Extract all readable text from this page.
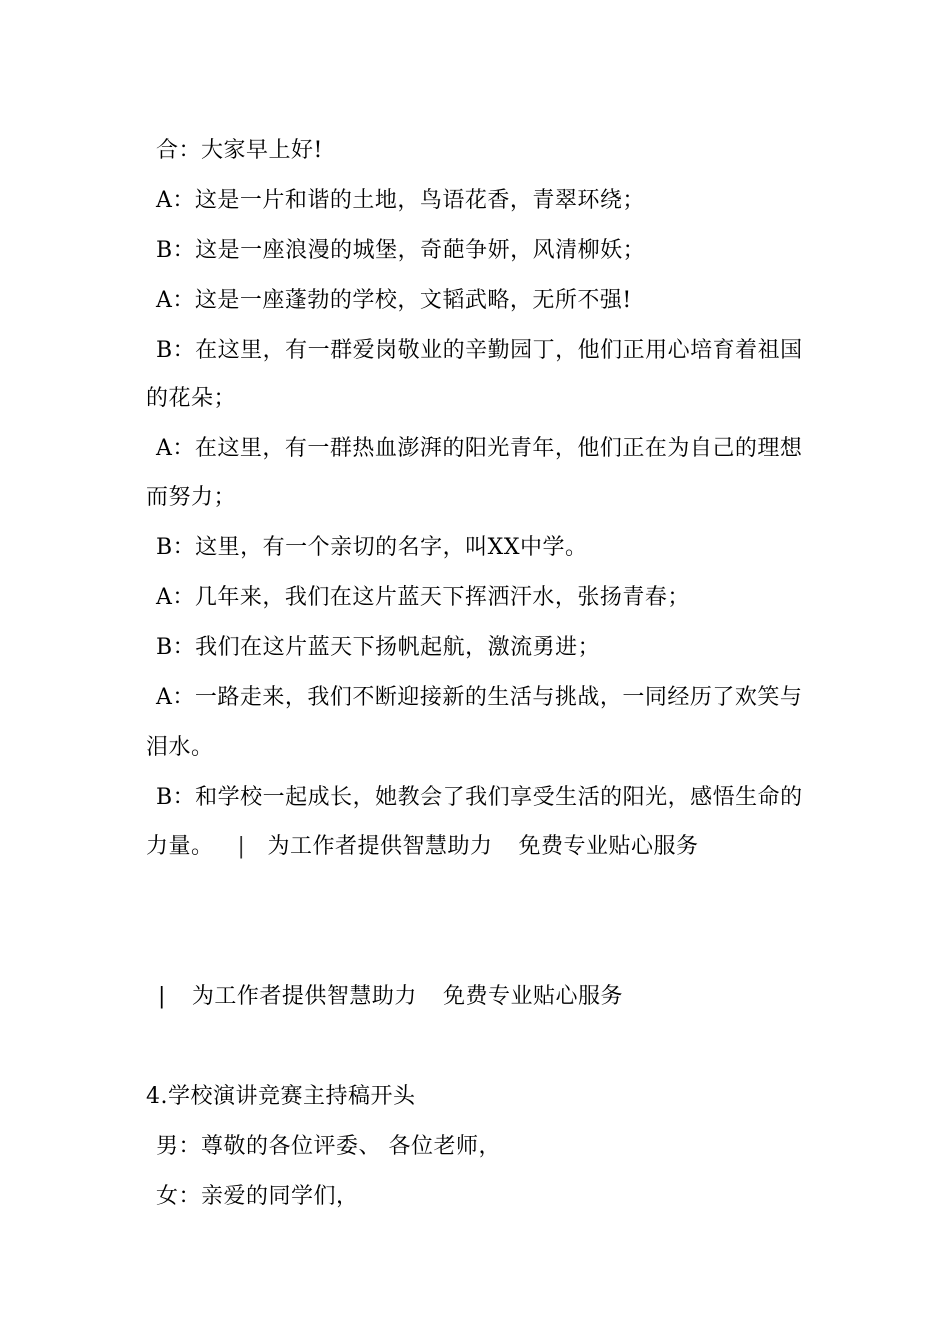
合：大家早上好!
A：这是一片和谐的土地，鸟语花香，青翠环绕；
B：这是一座浪漫的城堡，奇葩争妍，风清柳妖；
A：这是一座蓬勃的学校，文韬武略，无所不强!
B：在这里，有一群爱岗敬业的辛勤园丁，他们正用心培育着祖国
的花朵；
A：在这里，有一群热血澎湃的阳光青年，他们正在为自己的理想
而努力；
B：这里，有一个亲切的名字，叫XX中学。
A：几年来，我们在这片蓝天下挥洒汗水，张扬青春；
B：我们在这片蓝天下扬帆起航，激流勇进；
A：一路走来，我们不断迎接新的生活与挑战，一同经历了欢笑与
泪水。
B：和学校一起成长，她教会了我们享受生活的阳光，感悟生命的
力量。 | 为工作者提供智慧助力 免费专业贴心服务
| 为工作者提供智慧助力 免费专业贴心服务
4.学校演讲竞赛主持稿开头
男：尊敬的各位评委、 各位老师，
女：亲爱的同学们，
